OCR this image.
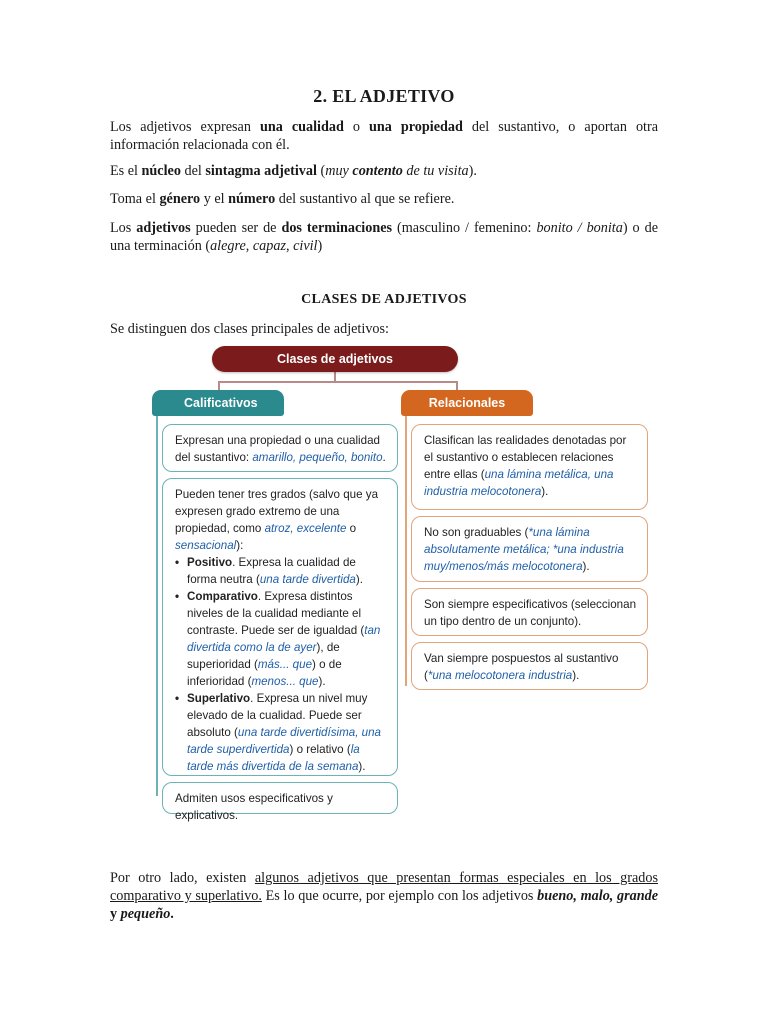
2. EL ADJETIVO
Los adjetivos expresan una cualidad o una propiedad del sustantivo, o aportan otra información relacionada con él.
Es el núcleo del sintagma adjetival (muy contento de tu visita).
Toma el género y el número del sustantivo al que se refiere.
Los adjetivos pueden ser de dos terminaciones (masculino / femenino: bonito / bonita) o de una terminación (alegre, capaz, civil)
CLASES DE ADJETIVOS
Se distinguen dos clases principales de adjetivos:
Clases de adjetivos
Calificativos	Relacionales
Expresan una propiedad o una cualidad del sustantivo: amarillo, pequeño, bonito.
Pueden tener tres grados (salvo que ya expresen grado extremo de una propiedad, como atroz, excelente o sensacional):
• Positivo. Expresa la cualidad de forma neutra (una tarde divertida).
• Comparativo. Expresa distintos niveles de la cualidad mediante el contraste. Puede ser de igualdad (tan divertida como la de ayer), de superioridad (más... que) o de inferioridad (menos... que).
• Superlativo. Expresa un nivel muy elevado de la cualidad. Puede ser absoluto (una tarde divertidísima, una tarde superdivertida) o relativo (la tarde más divertida de la semana).
Admiten usos especificativos y explicativos.
Clasifican las realidades denotadas por el sustantivo o establecen relaciones entre ellas (una lámina metálica, una industria melocotonera).
No son graduables (*una lámina absolutamente metálica; *una industria muy/menos/más melocotonera).
Son siempre especificativos (seleccionan un tipo dentro de un conjunto).
Van siempre pospuestos al sustantivo (*una melocotonera industria).
Por otro lado, existen algunos adjetivos que presentan formas especiales en los grados comparativo y superlativo. Es lo que ocurre, por ejemplo con los adjetivos bueno, malo, grande y pequeño.
